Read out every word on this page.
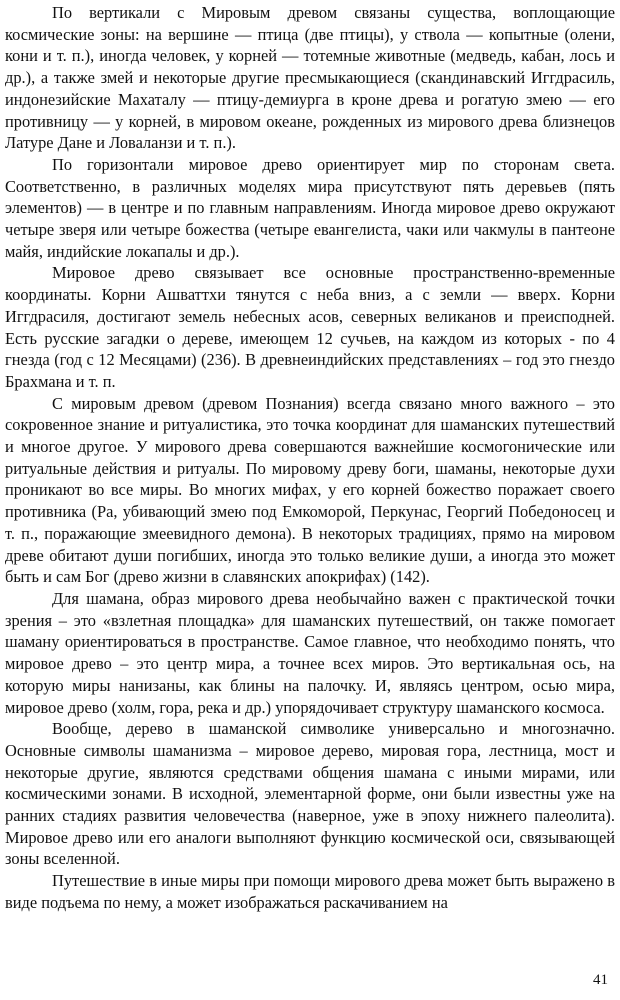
По вертикали с Мировым древом связаны существа, воплощающие космические зоны: на вершине — птица (две птицы), у ствола — копытные (олени, кони и т. п.), иногда человек, у корней — тотемные животные (медведь, кабан, лось и др.), а также змей и некоторые другие пресмыкающиеся (скандинавский Иггдрасиль, индонезийские Махаталу — птицу-демиурга в кроне древа и рогатую змею — его противницу — у корней, в мировом океане, рожденных из мирового древа близнецов Латуре Дане и Ловаланзи и т. п.).

По горизонтали мировое древо ориентирует мир по сторонам света. Соответственно, в различных моделях мира присутствуют пять деревьев (пять элементов) — в центре и по главным направлениям. Иногда мировое древо окружают четыре зверя или четыре божества (четыре евангелиста, чаки или чакмулы в пантеоне майя, индийские локапалы и др.).

Мировое древо связывает все основные пространственно-временные координаты. Корни Ашваттхи тянутся с неба вниз, а с земли — вверх. Корни Иггдрасиля, достигают земель небесных асов, северных великанов и преисподней. Есть русские загадки о дереве, имеющем 12 сучьев, на каждом из которых - по 4 гнезда (год с 12 Месяцами) (236). В древнеиндийских представлениях – год это гнездо Брахмана и т. п.

С мировым древом (древом Познания) всегда связано много важного – это сокровенное знание и ритуалистика, это точка координат для шаманских путешествий и многое другое. У мирового древа совершаются важнейшие космогонические или ритуальные действия и ритуалы. По мировому древу боги, шаманы, некоторые духи проникают во все миры. Во многих мифах, у его корней божество поражает своего противника (Ра, убивающий змею под Емкоморой, Перкунас, Георгий Победоносец и т. п., поражающие змеевидного демона). В некоторых традициях, прямо на мировом древе обитают души погибших, иногда это только великие души, а иногда это может быть и сам Бог (древо жизни в славянских апокрифах) (142).

Для шамана, образ мирового древа необычайно важен с практической точки зрения – это «взлетная площадка» для шаманских путешествий, он также помогает шаману ориентироваться в пространстве. Самое главное, что необходимо понять, что мировое древо – это центр мира, а точнее всех миров. Это вертикальная ось, на которую миры нанизаны, как блины на палочку. И, являясь центром, осью мира, мировое древо (холм, гора, река и др.) упорядочивает структуру шаманского космоса.

Вообще, дерево в шаманской символике универсально и многозначно. Основные символы шаманизма – мировое дерево, мировая гора, лестница, мост и некоторые другие, являются средствами общения шамана с иными мирами, или космическими зонами. В исходной, элементарной форме, они были известны уже на ранних стадиях развития человечества (наверное, уже в эпоху нижнего палеолита). Мировое древо или его аналоги выполняют функцию космической оси, связывающей зоны вселенной.

Путешествие в иные миры при помощи мирового древа может быть выражено в виде подъема по нему, а может изображаться раскачиванием на

41
